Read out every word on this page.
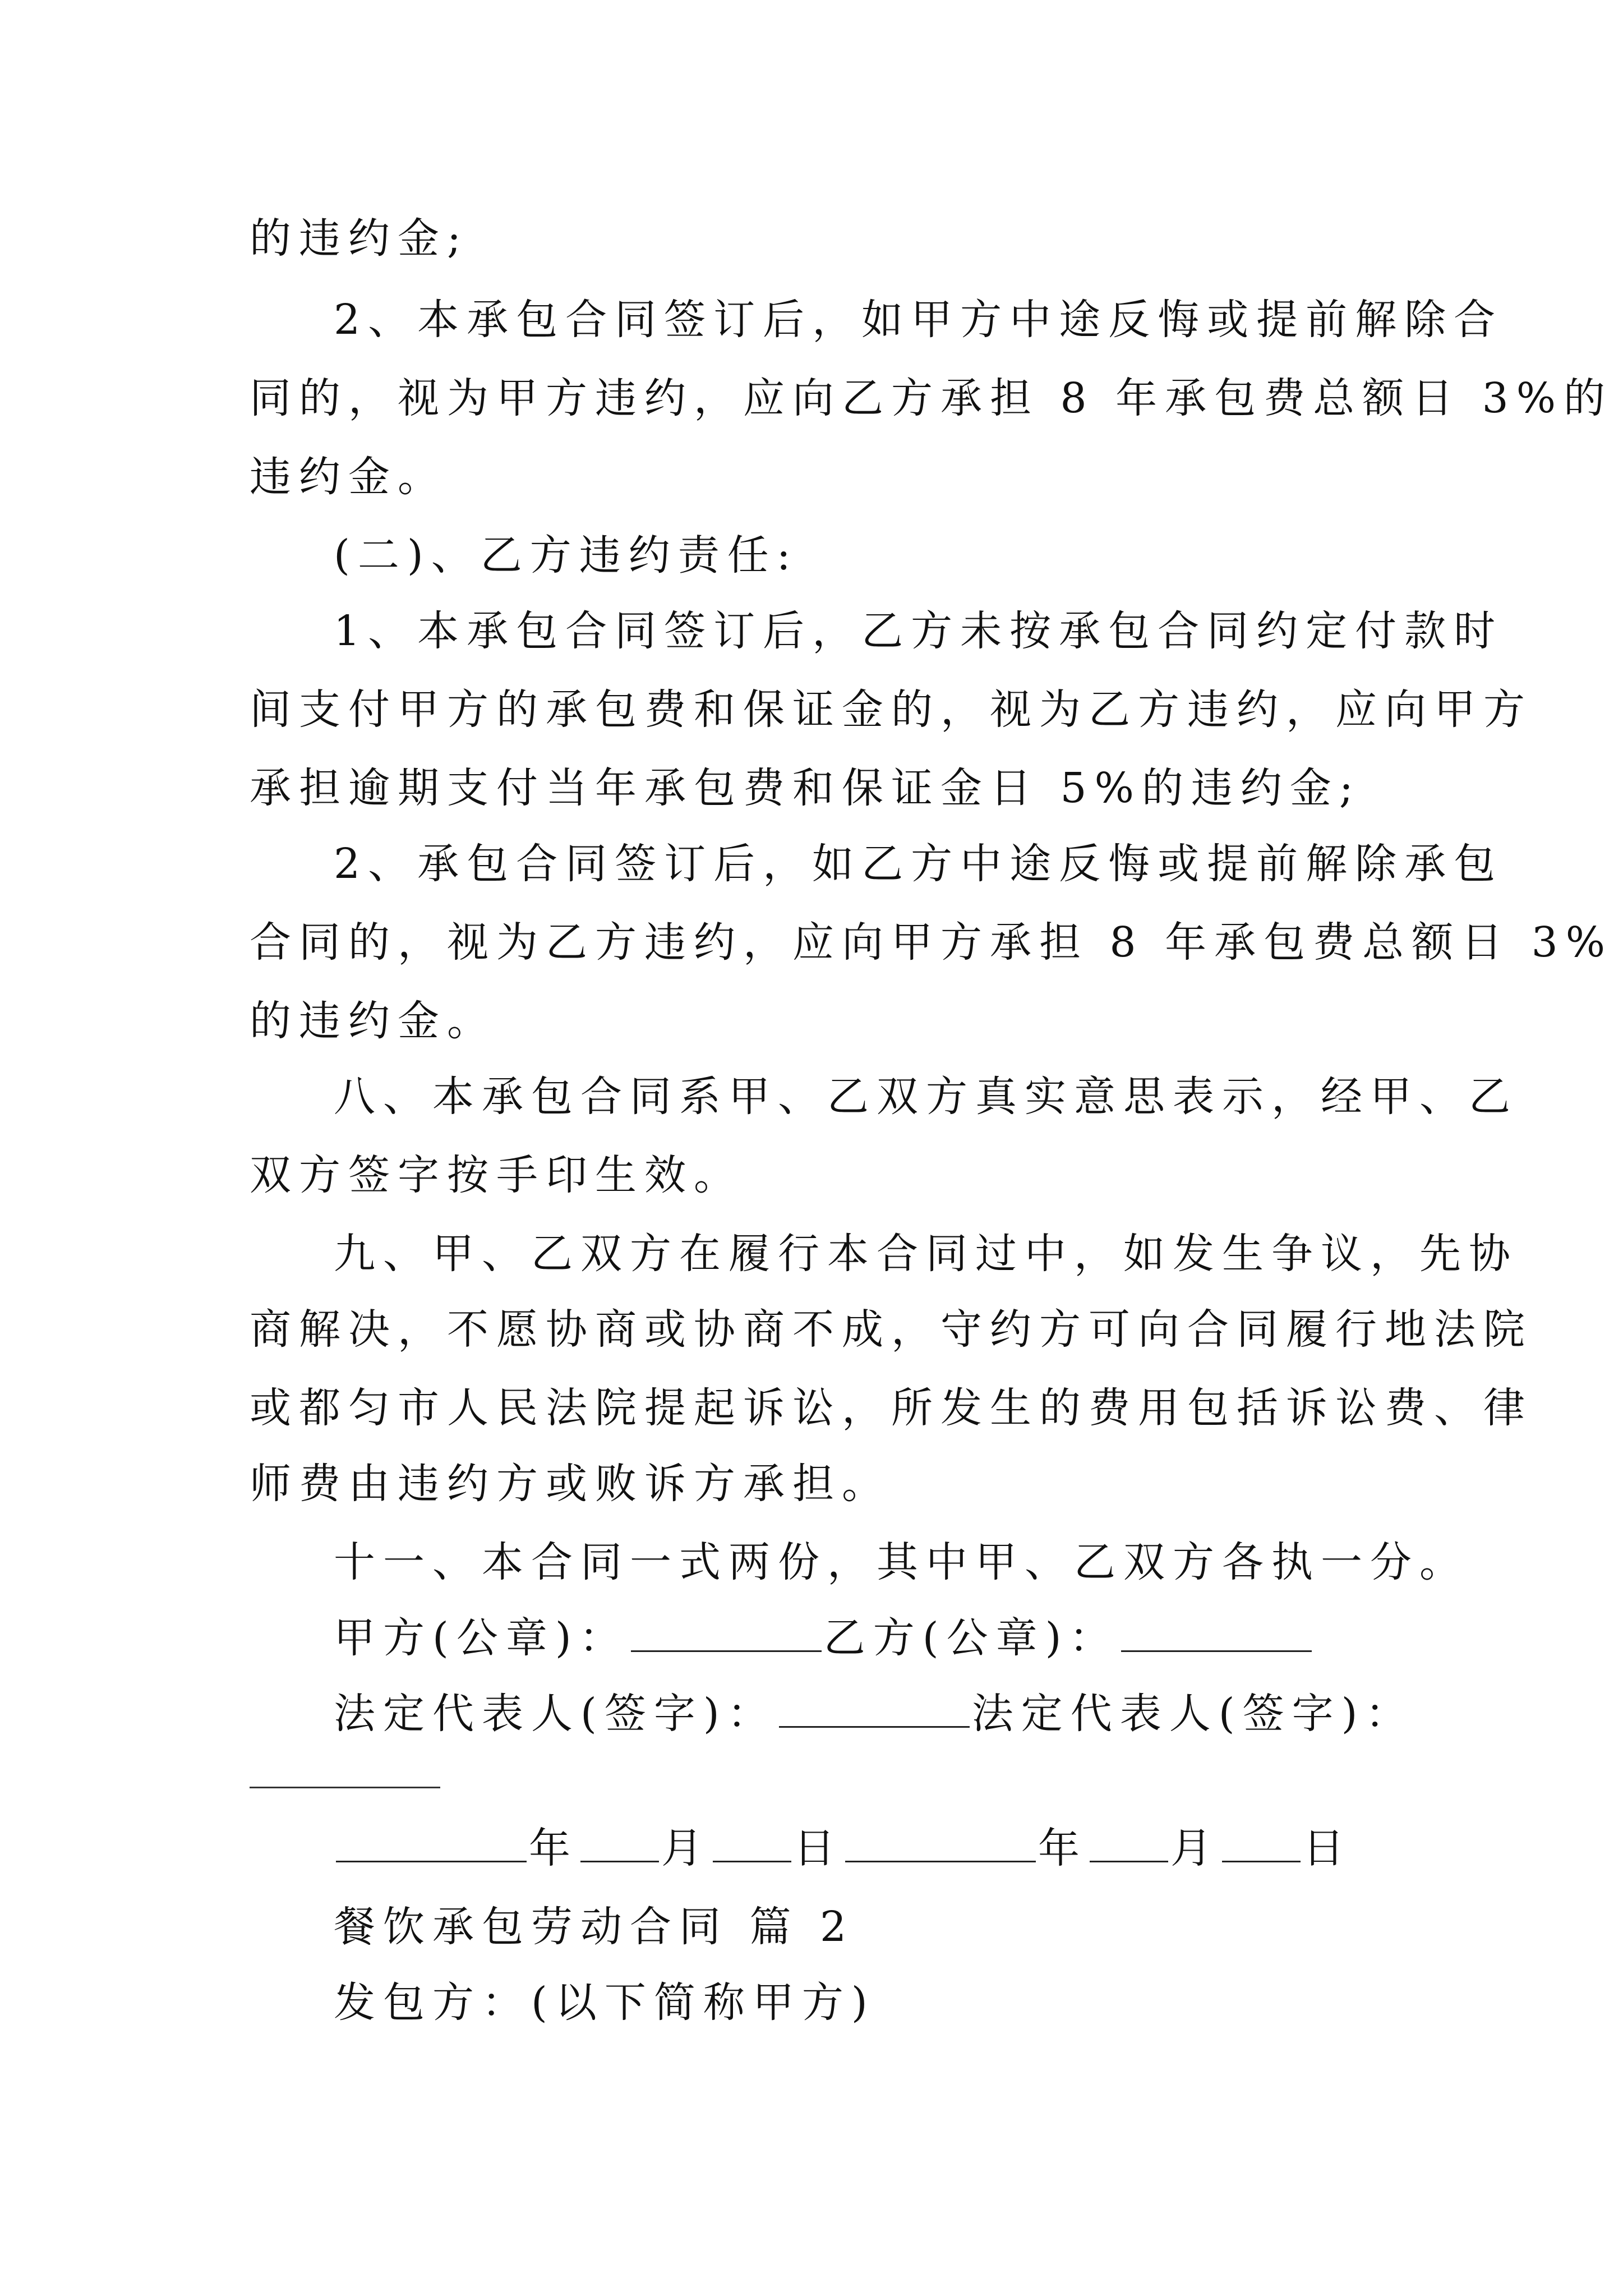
的违约金;
2、本承包合同签订后，如甲方中途反悔或提前解除合
同的，视为甲方违约，应向乙方承担 8 年承包费总额日 3%的
违约金。
(二)、乙方违约责任:
1、本承包合同签订后，乙方未按承包合同约定付款时
间支付甲方的承包费和保证金的，视为乙方违约，应向甲方
承担逾期支付当年承包费和保证金日 5%的违约金;
2、承包合同签订后，如乙方中途反悔或提前解除承包
合同的，视为乙方违约，应向甲方承担 8 年承包费总额日 3%
的违约金。
八、本承包合同系甲、乙双方真实意思表示，经甲、乙
双方签字按手印生效。
九、甲、乙双方在履行本合同过中，如发生争议，先协
商解决，不愿协商或协商不成，守约方可向合同履行地法院
或都匀市人民法院提起诉讼，所发生的费用包括诉讼费、律
师费由违约方或败诉方承担。
十一、本合同一式两份，其中甲、乙双方各执一分。
甲方(公章)：	乙方(公章)：
法定代表人(签字)：	法定代表人(签字)：
年 月 日	年 月 日
餐饮承包劳动合同 篇 2
发包方：(以下简称甲方)
